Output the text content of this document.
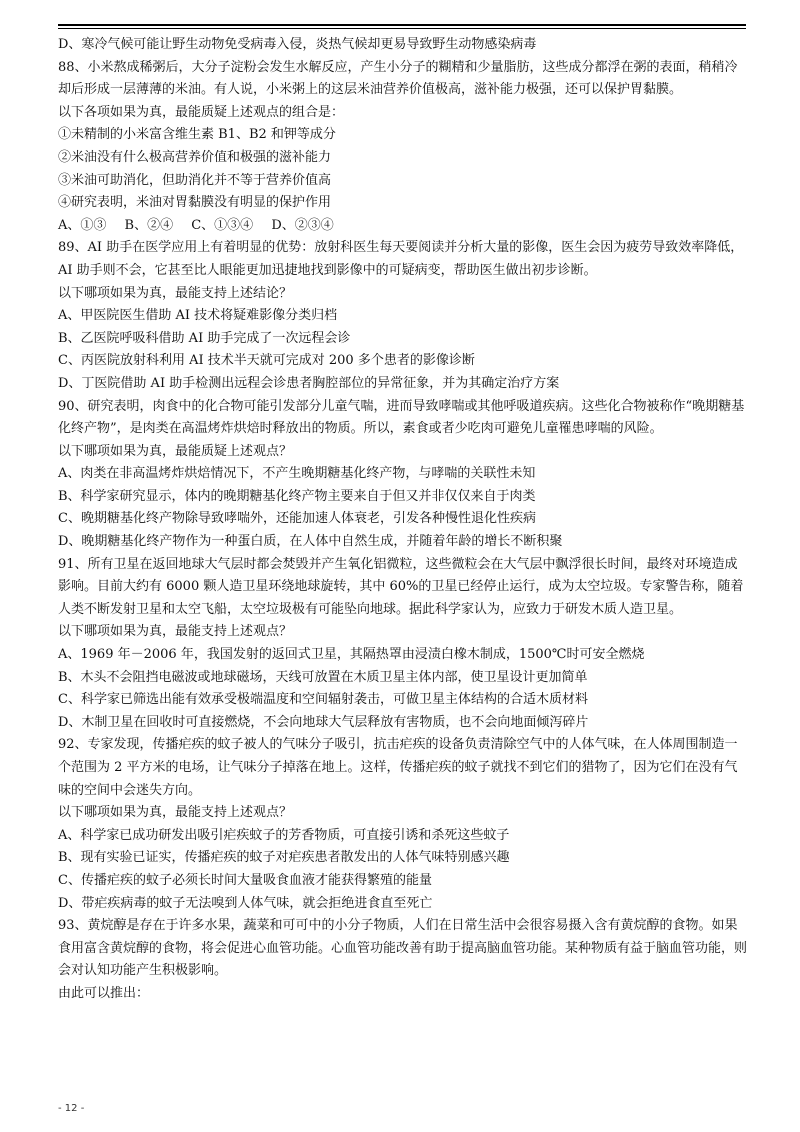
D、寒冷气候可能让野生动物免受病毒入侵，炎热气候却更易导致野生动物感染病毒

88、小米熬成稀粥后，大分子淀粉会发生水解反应，产生小分子的糊精和少量脂肪，这些成分都浮在粥的表面，稍稍冷却后形成一层薄薄的米油。有人说，小米粥上的这层米油营养价值极高，滋补能力极强，还可以保护胃黏膜。

以下各项如果为真，最能质疑上述观点的组合是：

①未精制的小米富含维生素 B1、B2 和钾等成分

②米油没有什么极高营养价值和极强的滋补能力

③米油可助消化，但助消化并不等于营养价值高

④研究表明，米油对胃黏膜没有明显的保护作用

A、①③ B、②④ C、①③④ D、②③④

89、AI 助手在医学应用上有着明显的优势：放射科医生每天要阅读并分析大量的影像，医生会因为疲劳导致效率降低，AI 助手则不会，它甚至比人眼能更加迅捷地找到影像中的可疑病变，帮助医生做出初步诊断。

以下哪项如果为真，最能支持上述结论？

A、甲医院医生借助 AI 技术将疑难影像分类归档

B、乙医院呼吸科借助 AI 助手完成了一次远程会诊

C、丙医院放射科利用 AI 技术半天就可完成对 200 多个患者的影像诊断

D、丁医院借助 AI 助手检测出远程会诊患者胸腔部位的异常征象，并为其确定治疗方案

90、研究表明，肉食中的化合物可能引发部分儿童气喘，进而导致哮喘或其他呼吸道疾病。这些化合物被称作“晚期糖基化终产物”，是肉类在高温烤炸烘焙时释放出的物质。所以，素食或者少吃肉可避免儿童罹患哮喘的风险。

以下哪项如果为真，最能质疑上述观点？

A、肉类在非高温烤炸烘焙情况下，不产生晚期糖基化终产物，与哮喘的关联性未知

B、科学家研究显示，体内的晚期糖基化终产物主要来自于但又并非仅仅来自于肉类

C、晚期糖基化终产物除导致哮喘外，还能加速人体衰老，引发各种慢性退化性疾病

D、晚期糖基化终产物作为一种蛋白质，在人体中自然生成，并随着年龄的增长不断积聚

91、所有卫星在返回地球大气层时都会焚毁并产生氧化铝微粒，这些微粒会在大气层中飘浮很长时间，最终对环境造成影响。目前大约有 6000 颗人造卫星环绕地球旋转，其中 60%的卫星已经停止运行，成为太空垃圾。专家警告称，随着人类不断发射卫星和太空飞船，太空垃圾极有可能坠向地球。据此科学家认为，应致力于研发木质人造卫星。

以下哪项如果为真，最能支持上述观点？

A、1969 年－2006 年，我国发射的返回式卫星，其隔热罩由浸渍白橡木制成，1500℃时可安全燃烧

B、木头不会阻挡电磁波或地球磁场，天线可放置在木质卫星主体内部，使卫星设计更加简单

C、科学家已筛选出能有效承受极端温度和空间辐射袭击，可做卫星主体结构的合适木质材料

D、木制卫星在回收时可直接燃烧，不会向地球大气层释放有害物质，也不会向地面倾泻碎片

92、专家发现，传播疟疾的蚊子被人的气味分子吸引，抗击疟疾的设备负责清除空气中的人体气味，在人体周围制造一个范围为 2 平方米的电场，让气味分子掉落在地上。这样，传播疟疾的蚊子就找不到它们的猎物了，因为它们在没有气味的空间中会迷失方向。

以下哪项如果为真，最能支持上述观点？

A、科学家已成功研发出吸引疟疾蚊子的芳香物质，可直接引诱和杀死这些蚊子

B、现有实验已证实，传播疟疾的蚊子对疟疾患者散发出的人体气味特别感兴趣

C、传播疟疾的蚊子必须长时间大量吸食血液才能获得繁殖的能量

D、带疟疾病毒的蚊子无法嗅到人体气味，就会拒绝进食直至死亡

93、黄烷醇是存在于许多水果，蔬菜和可可中的小分子物质，人们在日常生活中会很容易摄入含有黄烷醇的食物。如果食用富含黄烷醇的食物，将会促进心血管功能。心血管功能改善有助于提高脑血管功能。某种物质有益于脑血管功能，则会对认知功能产生积极影响。

由此可以推出：

- 12 -
